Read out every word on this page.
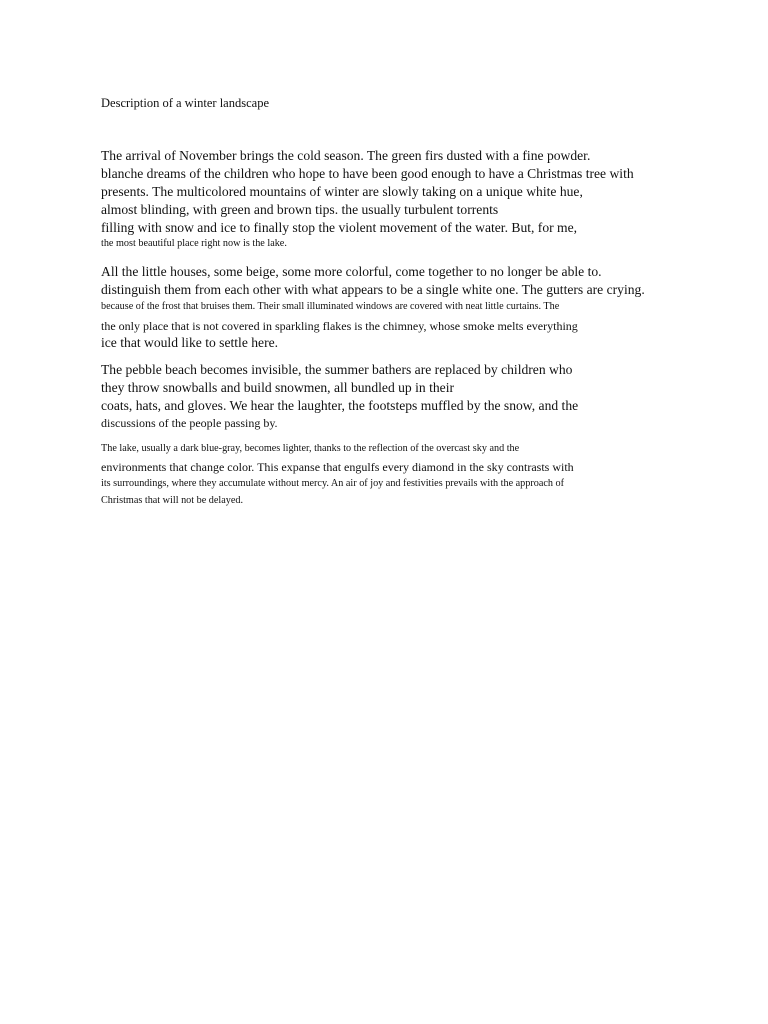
Description of a winter landscape
The arrival of November brings the cold season. The green firs dusted with a fine powder.
blanche dreams of the children who hope to have been good enough to have a Christmas tree with
presents. The multicolored mountains of winter are slowly taking on a unique white hue,
almost blinding, with green and brown tips. the usually turbulent torrents
filling with snow and ice to finally stop the violent movement of the water. But, for me,
the most beautiful place right now is the lake.
All the little houses, some beige, some more colorful, come together to no longer be able to.
distinguish them from each other with what appears to be a single white one. The gutters are crying.
because of the frost that bruises them. Their small illuminated windows are covered with neat little curtains. The
the only place that is not covered in sparkling flakes is the chimney, whose smoke melts everything
ice that would like to settle here.
The pebble beach becomes invisible, the summer bathers are replaced by children who
they throw snowballs and build snowmen, all bundled up in their
coats, hats, and gloves. We hear the laughter, the footsteps muffled by the snow, and the
discussions of the people passing by.
The lake, usually a dark blue-gray, becomes lighter, thanks to the reflection of the overcast sky and the
environments that change color. This expanse that engulfs every diamond in the sky contrasts with
its surroundings, where they accumulate without mercy. An air of joy and festivities prevails with the approach of
Christmas that will not be delayed.
